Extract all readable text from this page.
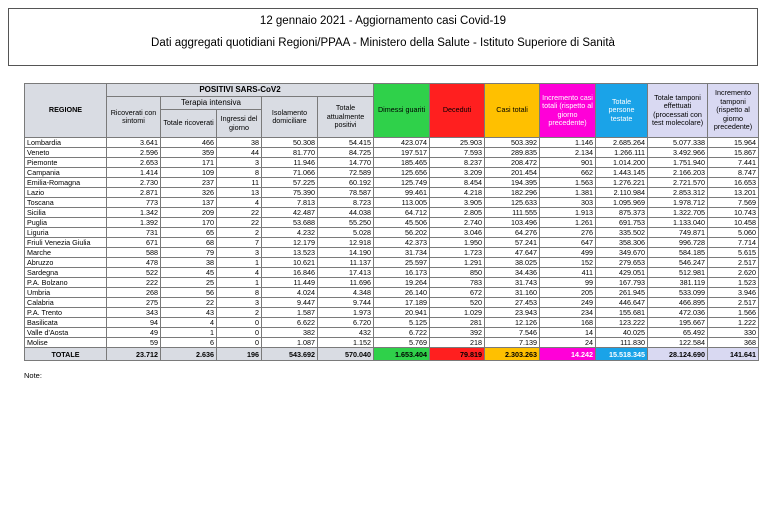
12 gennaio 2021 - Aggiornamento casi Covid-19
Dati aggregati quotidiani Regioni/PPAA - Ministero della Salute - Istituto Superiore di Sanità
REGIONE	POSITIVI SARS-CoV2					Dimessi guariti	Deceduti	Casi totali	Incremento casi totali (rispetto al giorno precedente)	Totale persone testate	Totale tamponi effettuati (processati con test molecolare)	Incremento tamponi (rispetto al giorno precedente)
	Ricoverati con sintomi	Terapia intensiva		Isolamento domiciliare	Totale attualmente positivi							
		Totale ricoverati	Ingressi del giorno									
Lombardia	3.641	466	38	50.308	54.415	423.074	25.903	503.392	1.146	2.685.264	5.077.338	15.964
Veneto	2.596	359	44	81.770	84.725	197.517	7.593	289.835	2.134	1.266.111	3.492.966	15.867
Piemonte	2.653	171	3	11.946	14.770	185.465	8.237	208.472	901	1.014.200	1.751.940	7.441
Campania	1.414	109	8	71.066	72.589	125.656	3.209	201.454	662	1.443.145	2.166.203	8.747
Emilia-Romagna	2.730	237	11	57.225	60.192	125.749	8.454	194.395	1.563	1.276.221	2.721.570	16.653
Lazio	2.871	326	13	75.390	78.587	99.461	4.218	182.296	1.381	2.110.984	2.853.312	13.201
Toscana	773	137	4	7.813	8.723	113.005	3.905	125.633	303	1.095.969	1.978.712	7.569
Sicilia	1.342	209	22	42.487	44.038	64.712	2.805	111.555	1.913	875.373	1.322.705	10.743
Puglia	1.392	170	22	53.688	55.250	45.506	2.740	103.496	1.261	691.753	1.133.040	10.458
Liguria	731	65	2	4.232	5.028	56.202	3.046	64.276	276	335.502	749.871	5.060
Friuli Venezia Giulia	671	68	7	12.179	12.918	42.373	1.950	57.241	647	358.306	996.728	7.714
Marche	588	79	3	13.523	14.190	31.734	1.723	47.647	499	349.670	584.185	5.615
Abruzzo	478	38	1	10.621	11.137	25.597	1.291	38.025	152	279.653	546.247	2.517
Sardegna	522	45	4	16.846	17.413	16.173	850	34.436	411	429.051	512.981	2.620
P.A. Bolzano	222	25	1	11.449	11.696	19.264	783	31.743	99	167.793	381.119	1.523
Umbria	268	56	8	4.024	4.348	26.140	672	31.160	205	261.945	533.099	3.946
Calabria	275	22	3	9.447	9.744	17.189	520	27.453	249	446.647	466.895	2.517
P.A. Trento	343	43	2	1.587	1.973	20.941	1.029	23.943	234	155.681	472.036	1.566
Basilicata	94	4	0	6.622	6.720	5.125	281	12.126	168	123.222	195.667	1.222
Valle d'Aosta	49	1	0	382	432	6.722	392	7.546	14	40.025	65.492	330
Molise	59	6	0	1.087	1.152	5.769	218	7.139	24	111.830	122.584	368
TOTALE	23.712	2.636	196	543.692	570.040	1.653.404	79.819	2.303.263	14.242	15.518.345	28.124.690	141.641
Note:
